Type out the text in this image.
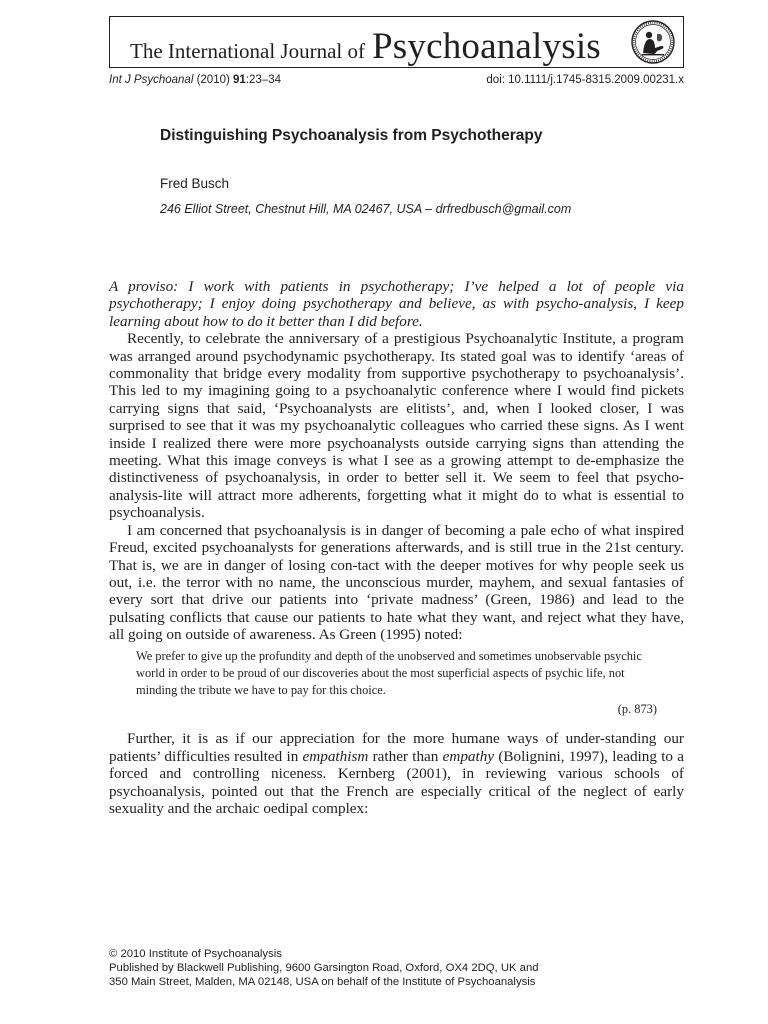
The International Journal of Psychoanalysis
Int J Psychoanal (2010) 91:23–34	doi: 10.1111/j.1745-8315.2009.00231.x
Distinguishing Psychoanalysis from Psychotherapy
Fred Busch
246 Elliot Street, Chestnut Hill, MA 02467, USA – drfredbusch@gmail.com

A proviso: I work with patients in psychotherapy; I’ve helped a lot of people via psychotherapy; I enjoy doing psychotherapy and believe, as with psycho-analysis, I keep learning about how to do it better than I did before.

Recently, to celebrate the anniversary of a prestigious Psychoanalytic Institute, a program was arranged around psychodynamic psychotherapy. Its stated goal was to identify ‘areas of commonality that bridge every modality from supportive psychotherapy to psychoanalysis’. This led to my imagining going to a psychoanalytic conference where I would find pickets carrying signs that said, ‘Psychoanalysts are elitists’, and, when I looked closer, I was surprised to see that it was my psychoanalytic colleagues who carried these signs. As I went inside I realized there were more psychoanalysts outside carrying signs than attending the meeting. What this image conveys is what I see as a growing attempt to de-emphasize the distinctiveness of psychoanalysis, in order to better sell it. We seem to feel that psycho-analysis-lite will attract more adherents, forgetting what it might do to what is essential to psychoanalysis.

I am concerned that psychoanalysis is in danger of becoming a pale echo of what inspired Freud, excited psychoanalysts for generations afterwards, and is still true in the 21st century. That is, we are in danger of losing con-tact with the deeper motives for why people seek us out, i.e. the terror with no name, the unconscious murder, mayhem, and sexual fantasies of every sort that drive our patients into ‘private madness’ (Green, 1986) and lead to the pulsating conflicts that cause our patients to hate what they want, and reject what they have, all going on outside of awareness. As Green (1995) noted:

We prefer to give up the profundity and depth of the unobserved and sometimes unobservable psychic world in order to be proud of our discoveries about the most superficial aspects of psychic life, not minding the tribute we have to pay for this choice.
(p. 873)

Further, it is as if our appreciation for the more humane ways of under-standing our patients’ difficulties resulted in empathism rather than empathy (Bolignini, 1997), leading to a forced and controlling niceness. Kernberg (2001), in reviewing various schools of psychoanalysis, pointed out that the French are especially critical of the neglect of early sexuality and the archaic oedipal complex:

© 2010 Institute of Psychoanalysis
Published by Blackwell Publishing, 9600 Garsington Road, Oxford, OX4 2DQ, UK and
350 Main Street, Malden, MA 02148, USA on behalf of the Institute of Psychoanalysis
